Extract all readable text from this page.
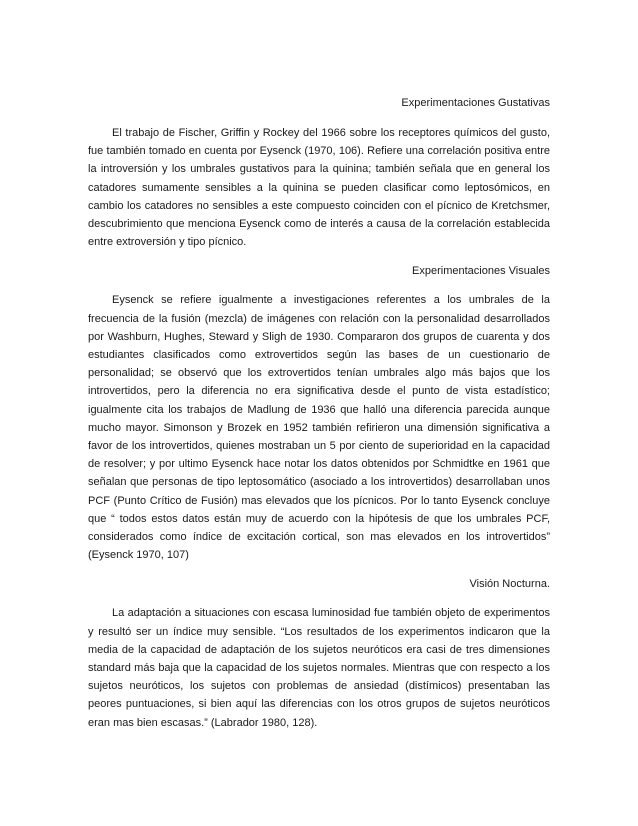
Experimentaciones Gustativas

El trabajo de Fischer, Griffin y Rockey del 1966 sobre los receptores químicos del gusto, fue también tomado en cuenta por Eysenck (1970, 106). Refiere una correlación positiva entre la introversión y los umbrales gustativos para la quinina; también señala que en general los catadores sumamente sensibles a la quinina se pueden clasificar como leptosómicos, en cambio los catadores no sensibles a este compuesto coinciden con el pícnico de Kretchsmer, descubrimiento que menciona Eysenck como de interés a causa de la correlación establecida entre extroversión y tipo pícnico.

Experimentaciones Visuales

Eysenck se refiere igualmente a investigaciones referentes a los umbrales de la frecuencia de la fusión (mezcla) de imágenes con relación con la personalidad desarrollados por Washburn, Hughes, Steward y Sligh de 1930. Compararon dos grupos de cuarenta y dos estudiantes clasificados como extrovertidos según las bases de un cuestionario de personalidad; se observó que los extrovertidos tenían umbrales algo más bajos que los introvertidos, pero la diferencia no era significativa desde el punto de vista estadístico; igualmente cita los trabajos de Madlung de 1936 que halló una diferencia parecida aunque mucho mayor. Simonson y Brozek en 1952 también refirieron una dimensión significativa a favor de los introvertidos, quienes mostraban un 5 por ciento de superioridad en la capacidad de resolver; y por ultimo Eysenck hace notar los datos obtenidos por Schmidtke en 1961 que señalan que personas de tipo leptosomático (asociado a los introvertidos) desarrollaban unos PCF (Punto Crítico de Fusión) mas elevados que los pícnicos. Por lo tanto Eysenck concluye que “ todos estos datos están muy de acuerdo con la hipótesis de que los umbrales PCF, considerados como índice de excitación cortical, son mas elevados en los introvertidos” (Eysenck 1970, 107)

Visión Nocturna.

La adaptación a situaciones con escasa luminosidad fue también objeto de experimentos y resultó ser un índice muy sensible. “Los resultados de los experimentos indicaron que la media de la capacidad de adaptación de los sujetos neuróticos era casi de tres dimensiones standard más baja que la capacidad de los sujetos normales. Mientras que con respecto a los sujetos neuróticos, los sujetos con problemas de ansiedad (distímicos) presentaban las peores puntuaciones, si bien aquí las diferencias con los otros grupos de sujetos neuróticos eran mas bien escasas.” (Labrador 1980, 128).
